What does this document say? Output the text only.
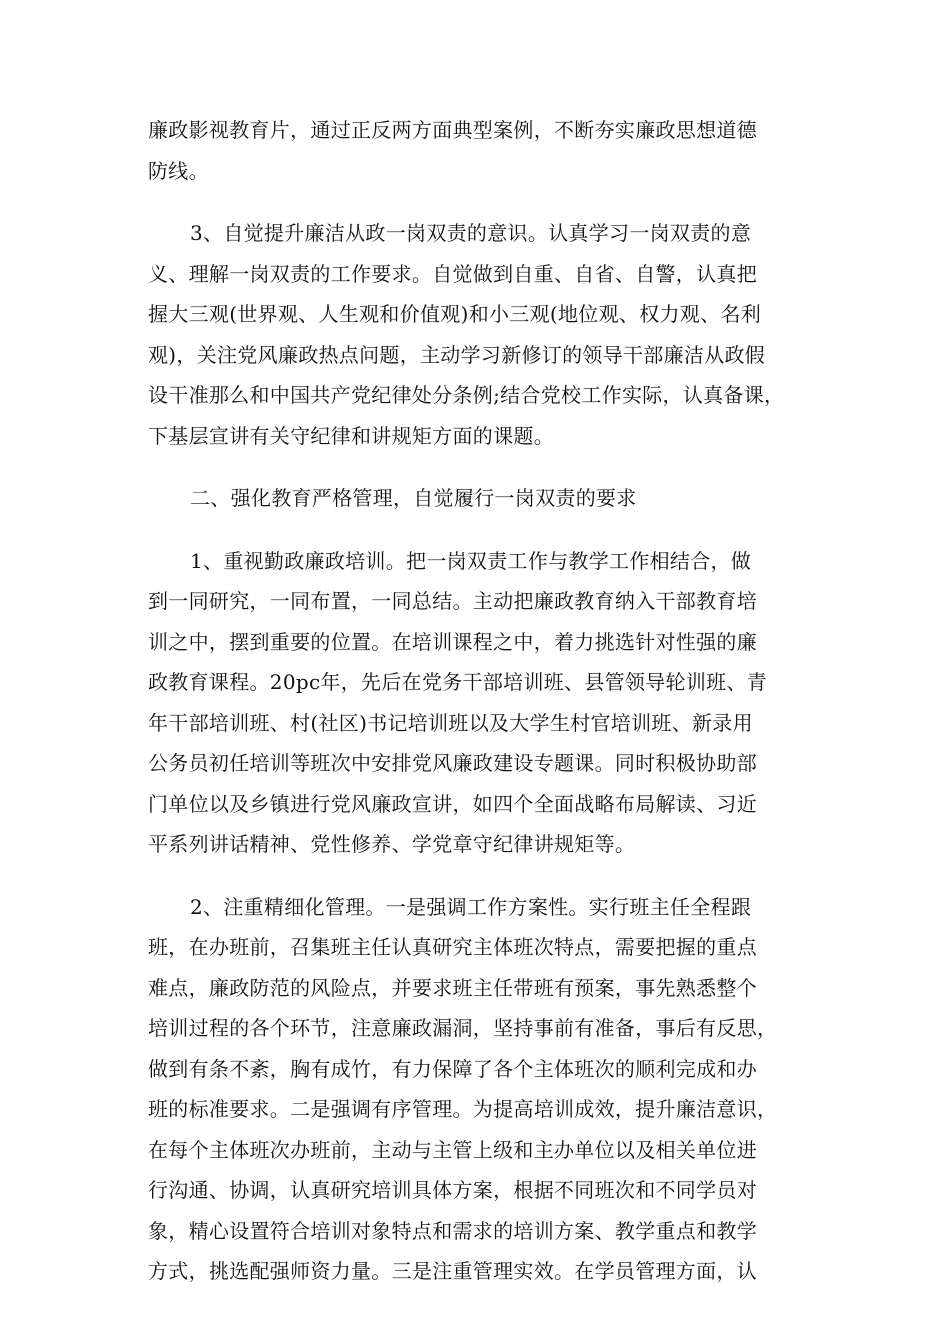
廉政影视教育片，通过正反两方面典型案例，不断夯实廉政思想道德

防线。

3、自觉提升廉洁从政一岗双责的意识。认真学习一岗双责的意

义、理解一岗双责的工作要求。自觉做到自重、自省、自警，认真把

握大三观(世界观、人生观和价值观)和小三观(地位观、权力观、名利

观)，关注党风廉政热点问题，主动学习新修订的领导干部廉洁从政假

设干准那么和中国共产党纪律处分条例;结合党校工作实际，认真备课，

下基层宣讲有关守纪律和讲规矩方面的课题。

二、强化教育严格管理，自觉履行一岗双责的要求

1、重视勤政廉政培训。把一岗双责工作与教学工作相结合，做

到一同研究，一同布置，一同总结。主动把廉政教育纳入干部教育培

训之中，摆到重要的位置。在培训课程之中，着力挑选针对性强的廉

政教育课程。20pc年，先后在党务干部培训班、县管领导轮训班、青

年干部培训班、村(社区)书记培训班以及大学生村官培训班、新录用

公务员初任培训等班次中安排党风廉政建设专题课。同时积极协助部

门单位以及乡镇进行党风廉政宣讲，如四个全面战略布局解读、习近

平系列讲话精神、党性修养、学党章守纪律讲规矩等。

2、注重精细化管理。一是强调工作方案性。实行班主任全程跟

班，在办班前，召集班主任认真研究主体班次特点，需要把握的重点

难点，廉政防范的风险点，并要求班主任带班有预案，事先熟悉整个

培训过程的各个环节，注意廉政漏洞，坚持事前有准备，事后有反思，

做到有条不紊，胸有成竹，有力保障了各个主体班次的顺利完成和办

班的标准要求。二是强调有序管理。为提高培训成效，提升廉洁意识，

在每个主体班次办班前，主动与主管上级和主办单位以及相关单位进

行沟通、协调，认真研究培训具体方案，根据不同班次和不同学员对

象，精心设置符合培训对象特点和需求的培训方案、教学重点和教学

方式，挑选配强师资力量。三是注重管理实效。在学员管理方面，认
